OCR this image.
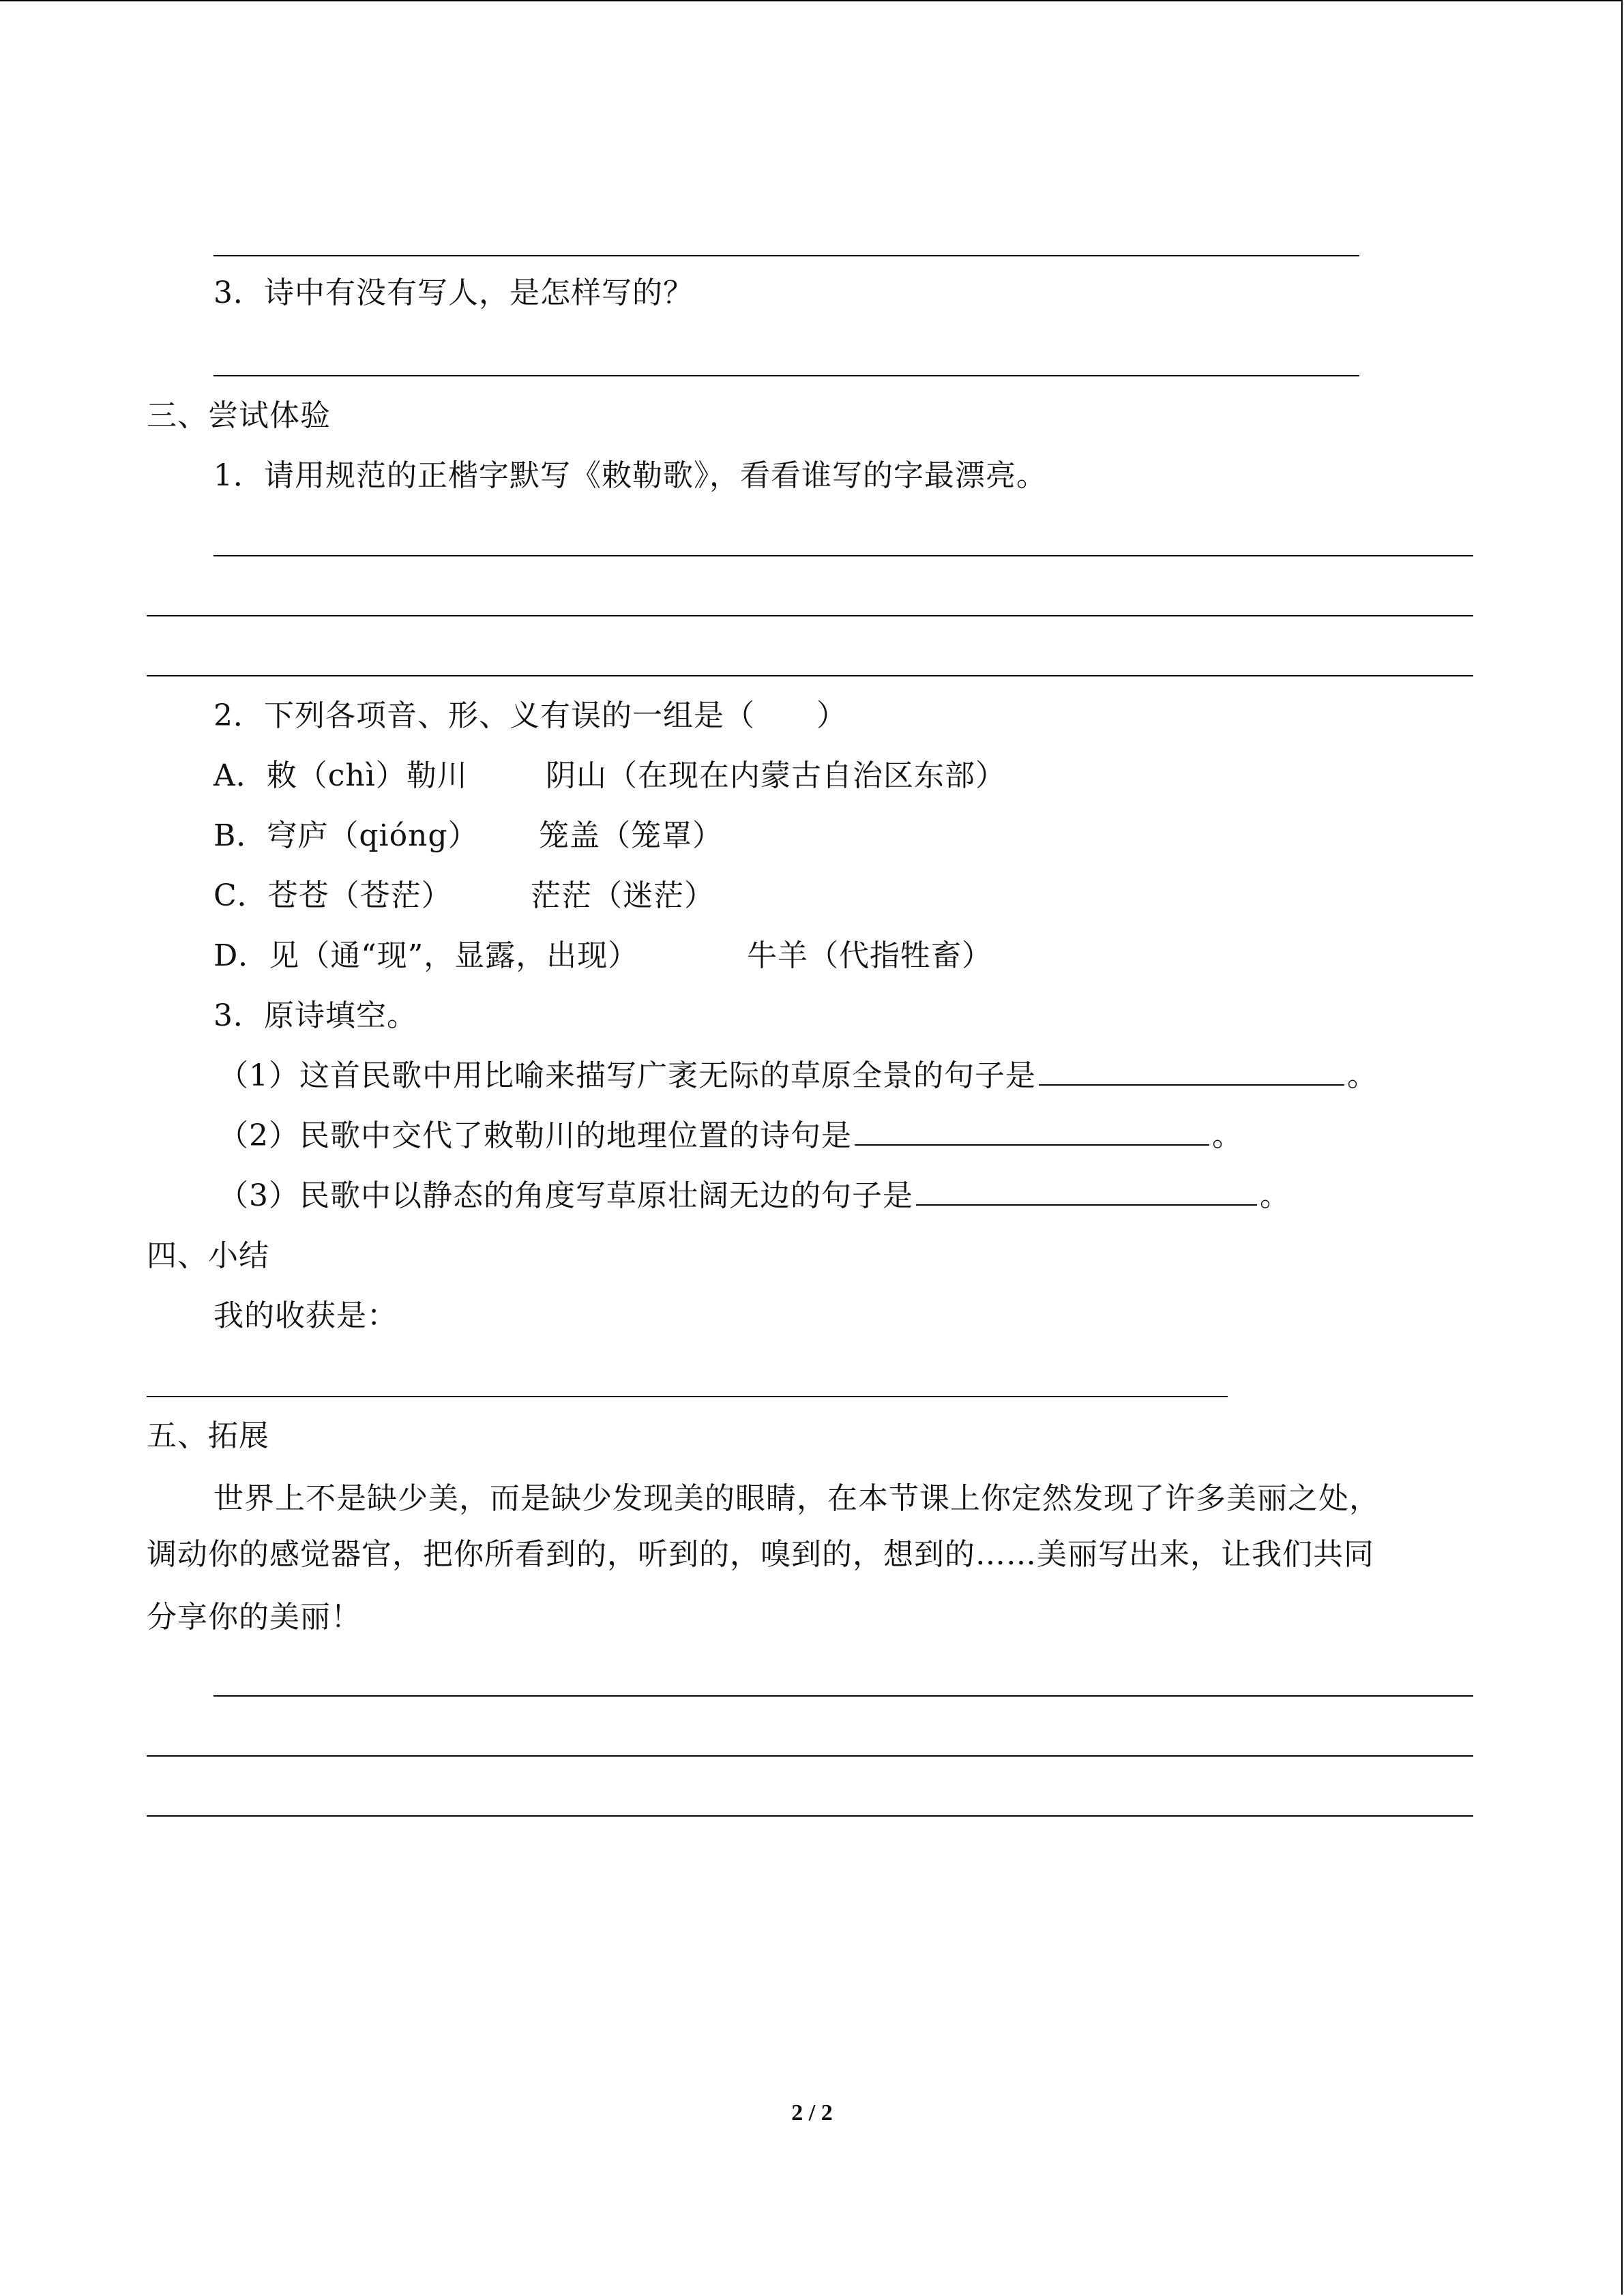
3．诗中有没有写人，是怎样写的？
三、尝试体验
1．请用规范的正楷字默写《敕勒歌》，看看谁写的字最漂亮。
2．下列各项音、形、义有误的一组是（　　）
A．敕（chì）勒川	阴山（在现在内蒙古自治区东部）
B．穹庐（qióng） 笼盖（笼罩）
C．苍苍（苍茫）	茫茫（迷茫）
D．见（通“现”，显露，出现）	牛羊（代指牲畜）
3．原诗填空。
（1）这首民歌中用比喻来描写广袤无际的草原全景的句子是	。
（2）民歌中交代了敕勒川的地理位置的诗句是	。
（3）民歌中以静态的角度写草原壮阔无边的句子是	。
四、小结
我的收获是：
五、拓展
世界上不是缺少美，而是缺少发现美的眼睛，在本节课上你定然发现了许多美丽之处，
调动你的感觉器官，把你所看到的，听到的，嗅到的，想到的……美丽写出来，让我们共同
分享你的美丽！
2 / 2
